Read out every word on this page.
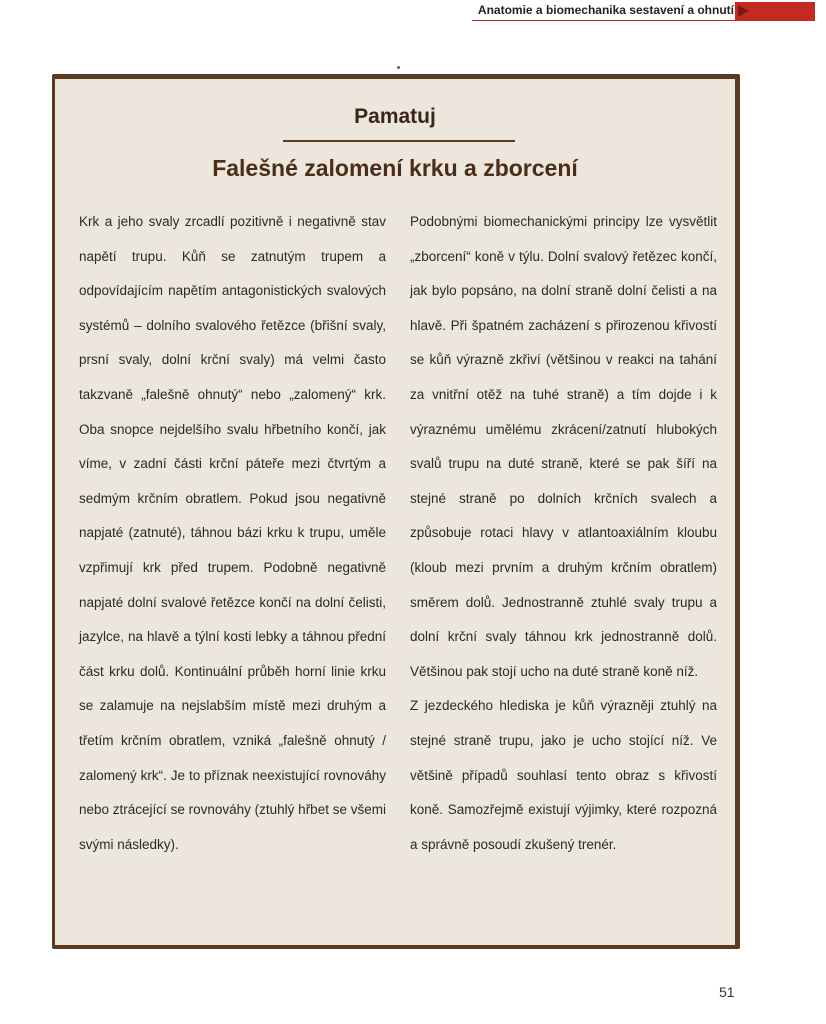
Anatomie a biomechanika sestavení a ohnutí
Pamatuj
Falešné zalomení krku a zborcení

Krk a jeho svaly zrcadlí pozitivně i negativně stav napětí trupu. Kůň se zatnutým trupem a odpovídajícím napětím antagonistických svalových systémů – dolního svalového řetězce (břišní svaly, prsní svaly, dolní krční svaly) má velmi často takzvaně „falešně ohnutý“ nebo „zalomený“ krk. Oba snopce nejdelšího svalu hřbetního končí, jak víme, v zadní části krční páteře mezi čtvrtým a sedmým krčním obratlem. Pokud jsou negativně napjaté (zatnuté), táhnou bázi krku k trupu, uměle vzpřimují krk před trupem. Podobně negativně napjaté dolní svalové řetězce končí na dolní čelisti, jazylce, na hlavě a týlní kosti lebky a táhnou přední část krku dolů. Kontinuální průběh horní linie krku se zalamuje na nejslabším místě mezi druhým a třetím krčním obratlem, vzniká „falešně ohnutý / zalomený krk“. Je to příznak neexistující rovnováhy nebo ztrácející se rovnováhy (ztuhlý hřbet se všemi svými následky).

Podobnými biomechanickými principy lze vysvětlit „zborcení“ koně v týlu. Dolní svalový řetězec končí, jak bylo popsáno, na dolní straně dolní čelisti a na hlavě. Při špatném zacházení s přirozenou křivostí se kůň výrazně zkřiví (většinou v reakci na tahání za vnitřní otěž na tuhé straně) a tím dojde i k výraznému umělému zkrácení/zatnutí hlubokých svalů trupu na duté straně, které se pak šíří na stejné straně po dolních krčních svalech a způsobuje rotaci hlavy v atlantoaxiálním kloubu (kloub mezi prvním a druhým krčním obratlem) směrem dolů. Jednostranně ztuhlé svaly trupu a dolní krční svaly táhnou krk jednostranně dolů. Většinou pak stojí ucho na duté straně koně níž.

Z jezdeckého hlediska je kůň výrazněji ztuhlý na stejné straně trupu, jako je ucho stojící níž. Ve většině případů souhlasí tento obraz s křivostí koně. Samozřejmě existují výjimky, které rozpozná a správně posoudí zkušený trenér.

51
